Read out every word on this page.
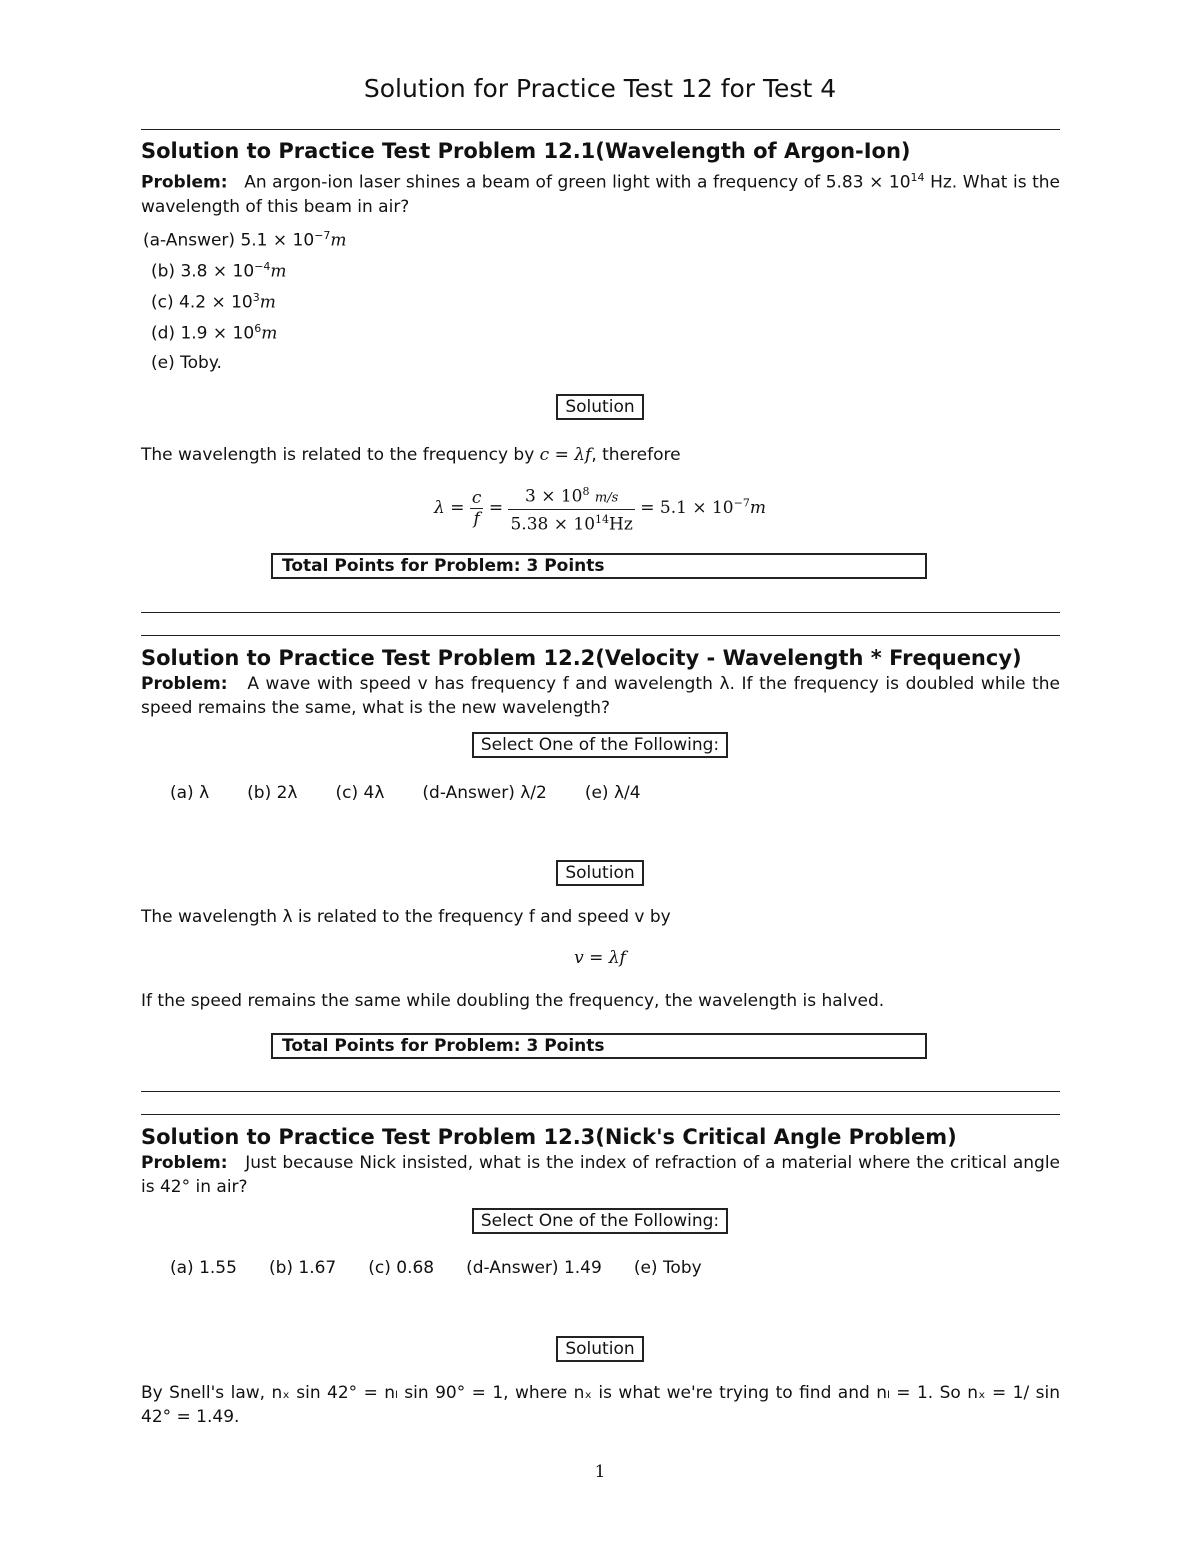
Solution for Practice Test 12 for Test 4
Solution to Practice Test Problem 12.1(Wavelength of Argon-Ion)
Problem: An argon-ion laser shines a beam of green light with a frequency of $5.83 \times 10^{14}$ Hz. What is the wavelength of this beam in air?
(a-Answer) $5.1 \times 10^{-7}m$
(b) $3.8 \times 10^{-4}m$
(c) $4.2 \times 10^3m$
(d) $1.9 \times 10^6m$
(e) Toby.
Solution
The wavelength is related to the frequency by c = λf, therefore
$\lambda = \frac{c}{f} = \frac{3 \times 10^8 m/s}{5.38 \times 10^{14}Hz} = 5.1 \times 10^{-7}m$
Total Points for Problem: 3 Points
Solution to Practice Test Problem 12.2(Velocity - Wavelength * Frequency)
Problem: A wave with speed v has frequency f and wavelength λ. If the frequency is doubled while the speed remains the same, what is the new wavelength?
Select One of the Following:
(a) λ (b) 2λ (c) 4λ (d-Answer) λ/2 (e) λ/4
Solution
The wavelength λ is related to the frequency f and speed v by
v = λf
If the speed remains the same while doubling the frequency, the wavelength is halved.
Total Points for Problem: 3 Points
Solution to Practice Test Problem 12.3(Nick's Critical Angle Problem)
Problem: Just because Nick insisted, what is the index of refraction of a material where the critical angle is 42° in air?
Select One of the Following:
(a) 1.55 (b) 1.67 (c) 0.68 (d-Answer) 1.49 (e) Toby
Solution
By Snell's law, nₓ sin 42° = nₗ sin 90° = 1, where nₓ is what we're trying to find and nₗ = 1. So nₓ = 1/ sin 42° = 1.49.
1
